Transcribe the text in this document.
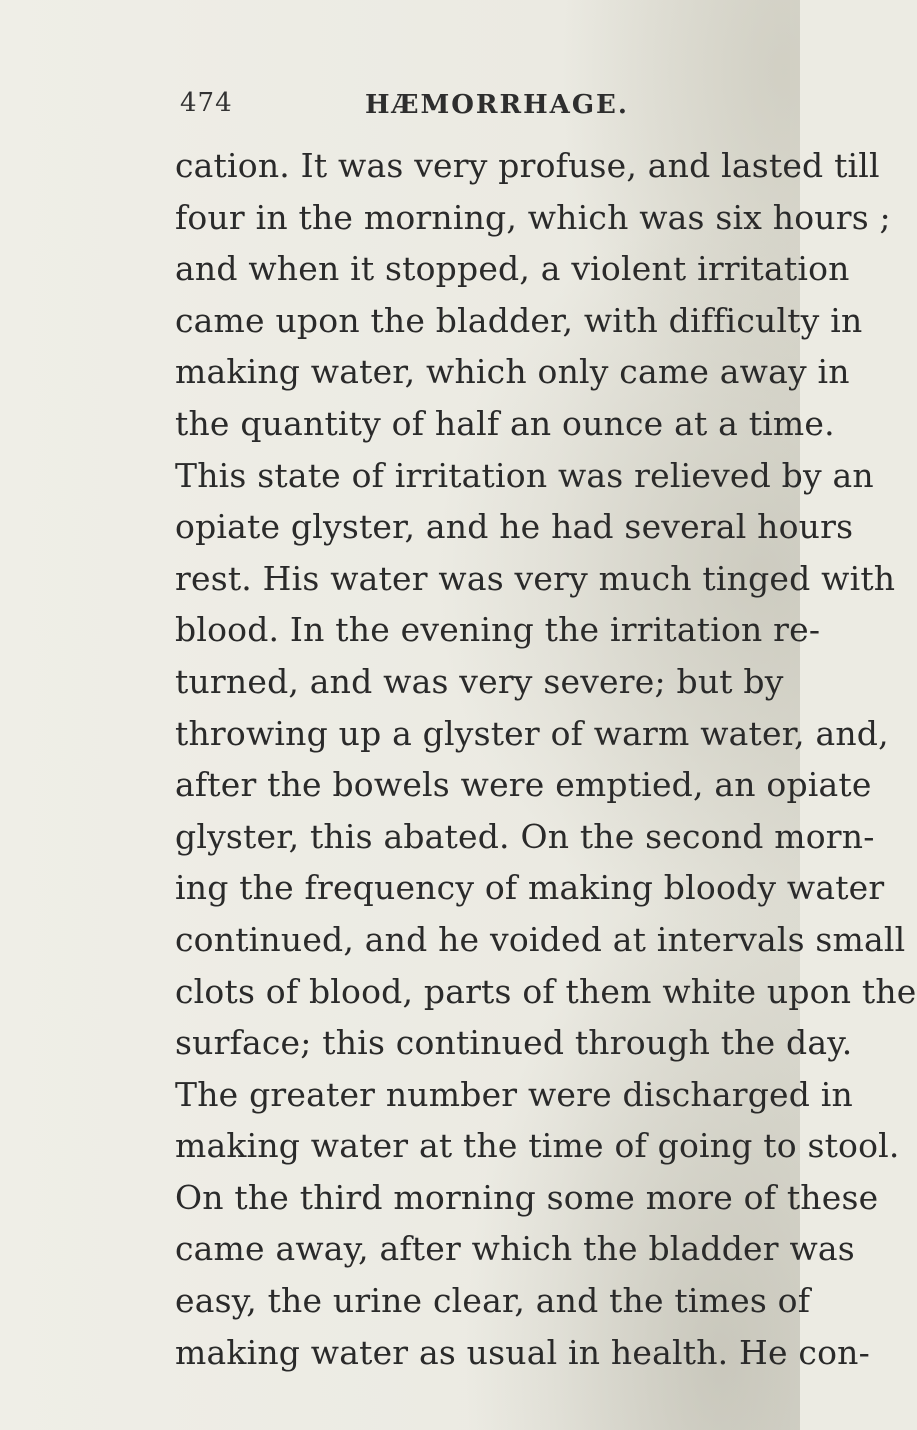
474	HÆMORRHAGE.
cation. It was very profuse, and lasted till
four in the morning, which was six hours ;
and when it stopped, a violent irritation
came upon the bladder, with difficulty in
making water, which only came away in
the quantity of half an ounce at a time.
This state of irritation was relieved by an
opiate glyster, and he had several hours
rest. His water was very much tinged with
blood. In the evening the irritation re-
turned, and was very severe; but by
throwing up a glyster of warm water, and,
after the bowels were emptied, an opiate
glyster, this abated. On the second morn-
ing the frequency of making bloody water
continued, and he voided at intervals small
clots of blood, parts of them white upon the
surface; this continued through the day.
The greater number were discharged in
making water at the time of going to stool.
On the third morning some more of these
came away, after which the bladder was
easy, the urine clear, and the times of
making water as usual in health. He con-
